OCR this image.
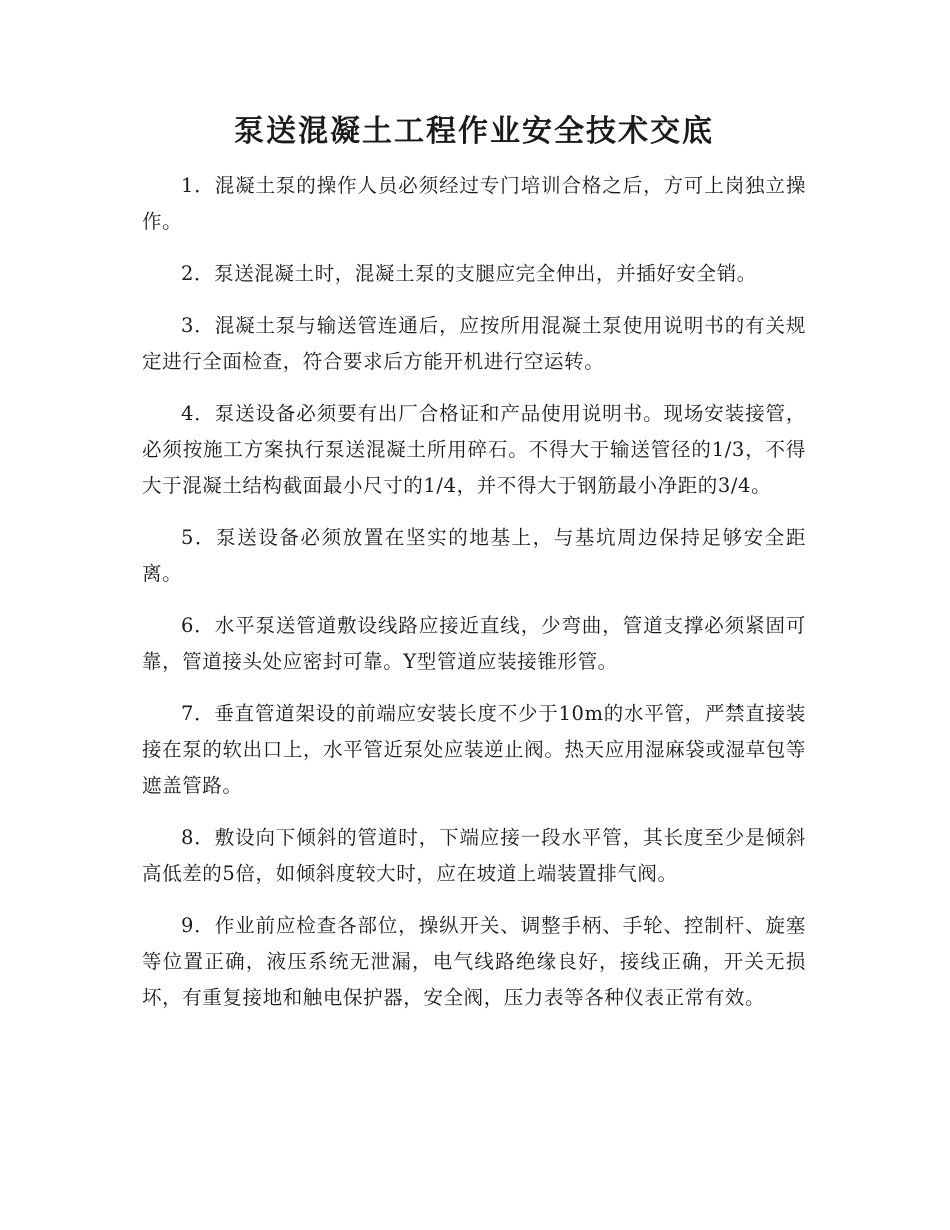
泵送混凝土工程作业安全技术交底

1．混凝土泵的操作人员必须经过专门培训合格之后，方可上岗独立操作。

2．泵送混凝土时，混凝土泵的支腿应完全伸出，并插好安全销。

3．混凝土泵与输送管连通后，应按所用混凝土泵使用说明书的有关规定进行全面检查，符合要求后方能开机进行空运转。

4．泵送设备必须要有出厂合格证和产品使用说明书。现场安装接管，必须按施工方案执行泵送混凝土所用碎石。不得大于输送管径的1/3，不得大于混凝土结构截面最小尺寸的1/4，并不得大于钢筋最小净距的3/4。

5．泵送设备必须放置在坚实的地基上，与基坑周边保持足够安全距离。

6．水平泵送管道敷设线路应接近直线，少弯曲，管道支撑必须紧固可靠，管道接头处应密封可靠。Y型管道应装接锥形管。

7．垂直管道架设的前端应安装长度不少于10m的水平管，严禁直接装接在泵的软出口上，水平管近泵处应装逆止阀。热天应用湿麻袋或湿草包等遮盖管路。

8．敷设向下倾斜的管道时，下端应接一段水平管，其长度至少是倾斜高低差的5倍，如倾斜度较大时，应在坡道上端装置排气阀。

9．作业前应检查各部位，操纵开关、调整手柄、手轮、控制杆、旋塞等位置正确，液压系统无泄漏，电气线路绝缘良好，接线正确，开关无损坏，有重复接地和触电保护器，安全阀，压力表等各种仪表正常有效。
